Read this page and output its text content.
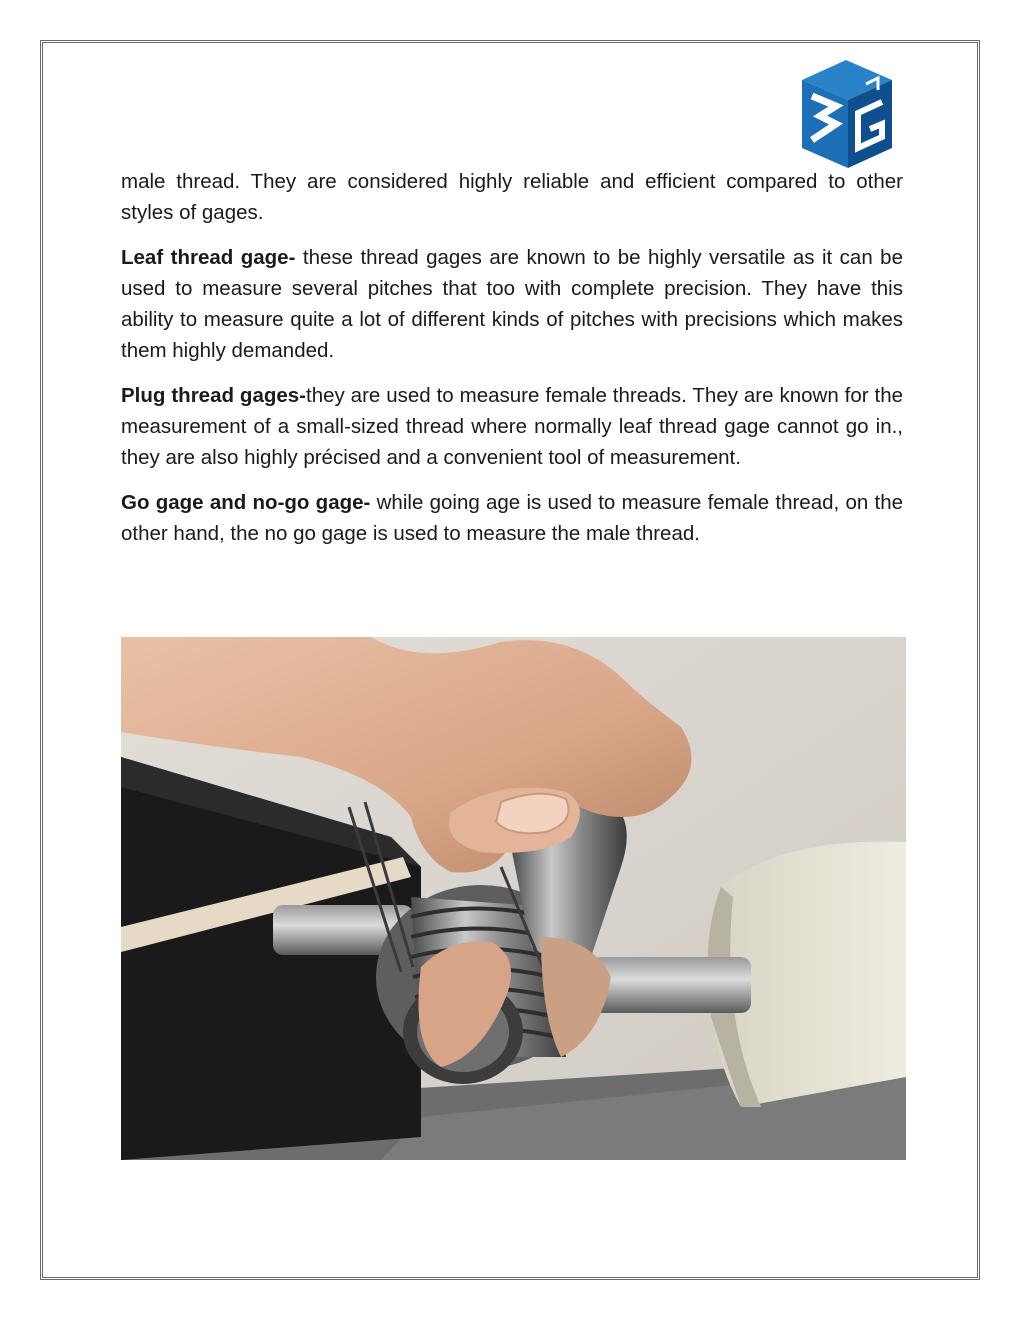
male thread. They are considered highly reliable and efficient compared to other styles of gages.

Leaf thread gage- these thread gages are known to be highly versatile as it can be used to measure several pitches that too with complete precision. They have this ability to measure quite a lot of different kinds of pitches with precisions which makes them highly demanded.

Plug thread gages-they are used to measure female threads. They are known for the measurement of a small-sized thread where normally leaf thread gage cannot go in., they are also highly précised and a convenient tool of measurement.

Go gage and no-go gage- while going age is used to measure female thread, on the other hand, the no go gage is used to measure the male thread.
